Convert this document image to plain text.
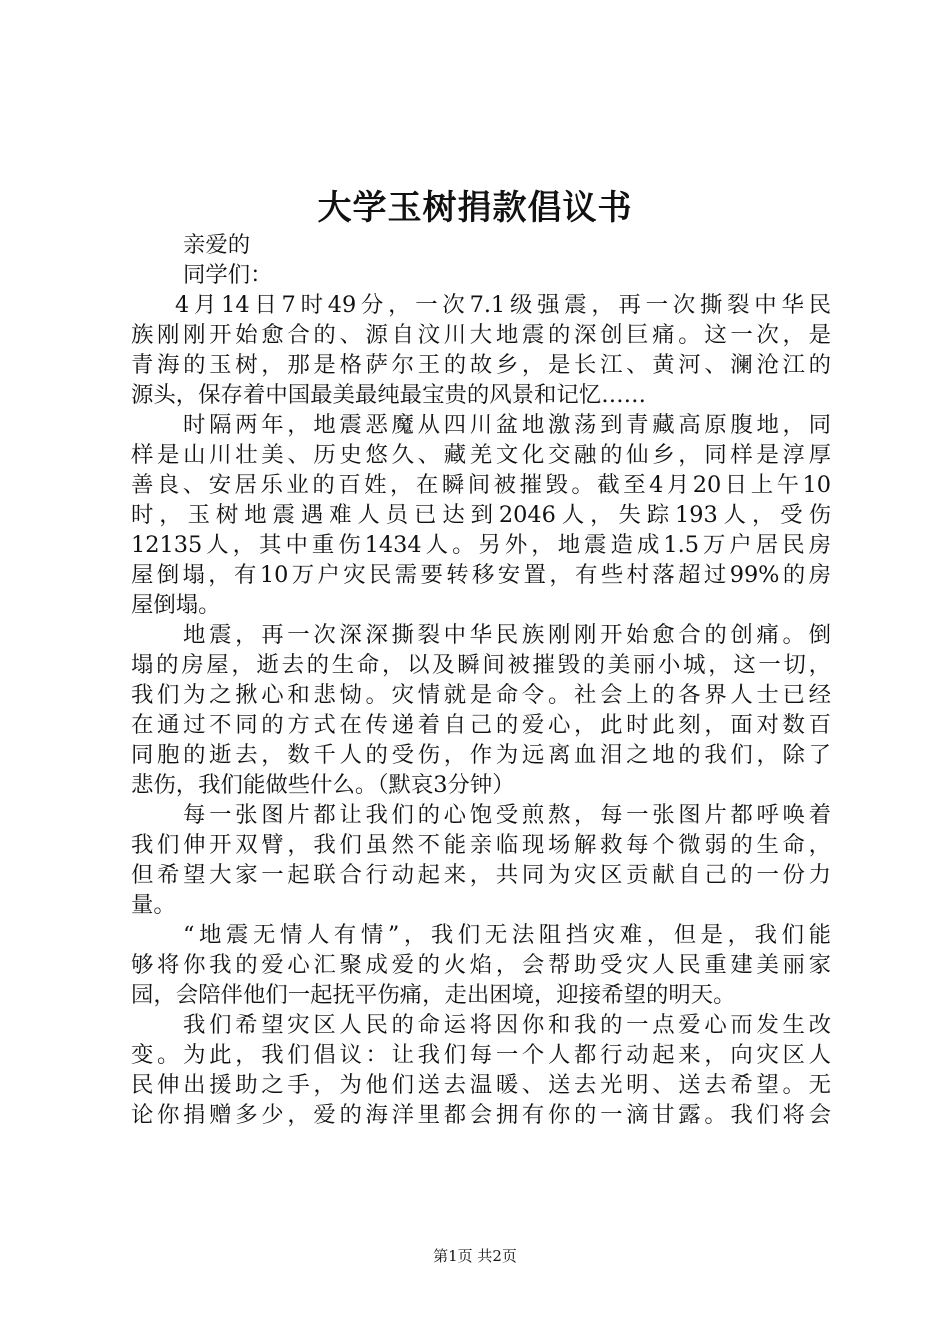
大学玉树捐款倡议书
亲爱的
同学们：
4月14日7时49分，一次7.1级强震，再一次撕裂中华民
族刚刚开始愈合的、源自汶川大地震的深创巨痛。这一次，是
青海的玉树，那是格萨尔王的故乡，是长江、黄河、澜沧江的
源头，保存着中国最美最纯最宝贵的风景和记忆……
时隔两年，地震恶魔从四川盆地激荡到青藏高原腹地，同
样是山川壮美、历史悠久、藏羌文化交融的仙乡，同样是淳厚
善良、安居乐业的百姓，在瞬间被摧毁。截至4月20日上午10
时，玉树地震遇难人员已达到2046人，失踪193人，受伤
12135人，其中重伤1434人。另外，地震造成1.5万户居民房
屋倒塌，有10万户灾民需要转移安置，有些村落超过99%的房
屋倒塌。
地震，再一次深深撕裂中华民族刚刚开始愈合的创痛。倒
塌的房屋，逝去的生命，以及瞬间被摧毁的美丽小城，这一切，
我们为之揪心和悲恸。灾情就是命令。社会上的各界人士已经
在通过不同的方式在传递着自己的爱心，此时此刻，面对数百
同胞的逝去，数千人的受伤，作为远离血泪之地的我们，除了
悲伤，我们能做些什么。（默哀3分钟）
每一张图片都让我们的心饱受煎熬，每一张图片都呼唤着
我们伸开双臂，我们虽然不能亲临现场解救每个微弱的生命，
但希望大家一起联合行动起来，共同为灾区贡献自己的一份力
量。
“地震无情人有情”，我们无法阻挡灾难，但是，我们能
够将你我的爱心汇聚成爱的火焰，会帮助受灾人民重建美丽家
园，会陪伴他们一起抚平伤痛，走出困境，迎接希望的明天。
我们希望灾区人民的命运将因你和我的一点爱心而发生改
变。为此，我们倡议：让我们每一个人都行动起来，向灾区人
民伸出援助之手，为他们送去温暖、送去光明、送去希望。无
论你捐赠多少，爱的海洋里都会拥有你的一滴甘露。我们将会
第1页 共2页
